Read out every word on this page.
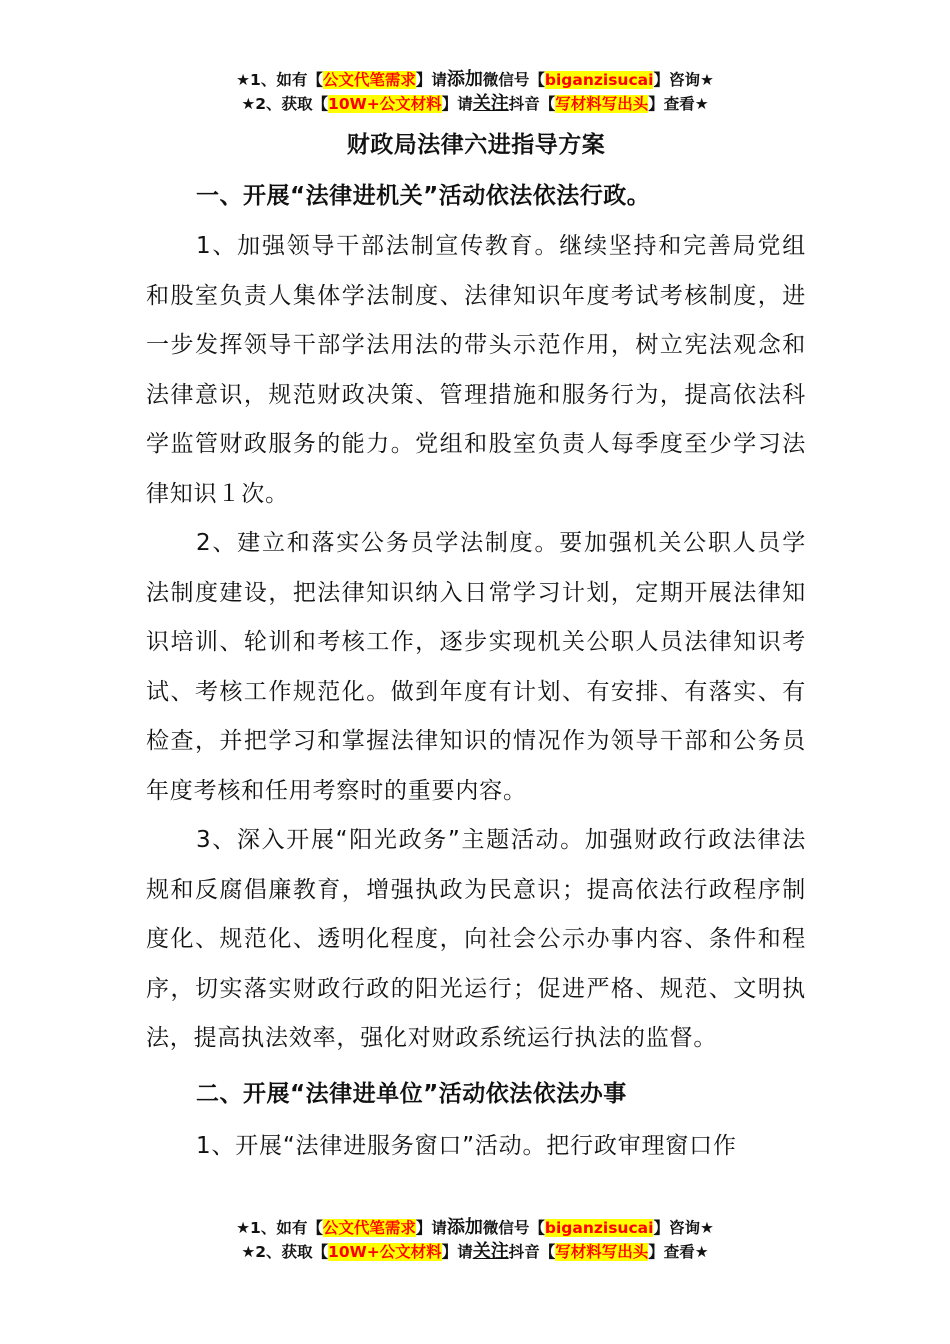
★1、如有【公文代笔需求】请添加微信号【biganzisucai】咨询★
★2、获取【10W+公文材料】请关注抖音【写材料写出头】查看★
财政局法律六进指导方案

一、开展“法律进机关”活动依法依法行政。

1、加强领导干部法制宣传教育。继续坚持和完善局党组和股室负责人集体学法制度、法律知识年度考试考核制度，进一步发挥领导干部学法用法的带头示范作用，树立宪法观念和法律意识，规范财政决策、管理措施和服务行为，提高依法科学监管财政服务的能力。党组和股室负责人每季度至少学习法律知识１次。

2、建立和落实公务员学法制度。要加强机关公职人员学法制度建设，把法律知识纳入日常学习计划，定期开展法律知识培训、轮训和考核工作，逐步实现机关公职人员法律知识考试、考核工作规范化。做到年度有计划、有安排、有落实、有检查，并把学习和掌握法律知识的情况作为领导干部和公务员年度考核和任用考察时的重要内容。

3、深入开展“阳光政务”主题活动。加强财政行政法律法规和反腐倡廉教育，增强执政为民意识；提高依法行政程序制度化、规范化、透明化程度，向社会公示办事内容、条件和程序，切实落实财政行政的阳光运行；促进严格、规范、文明执法，提高执法效率，强化对财政系统运行执法的监督。

二、开展“法律进单位”活动依法依法办事

1、开展“法律进服务窗口”活动。把行政审理窗口作

★1、如有【公文代笔需求】请添加微信号【biganzisucai】咨询★
★2、获取【10W+公文材料】请关注抖音【写材料写出头】查看★
